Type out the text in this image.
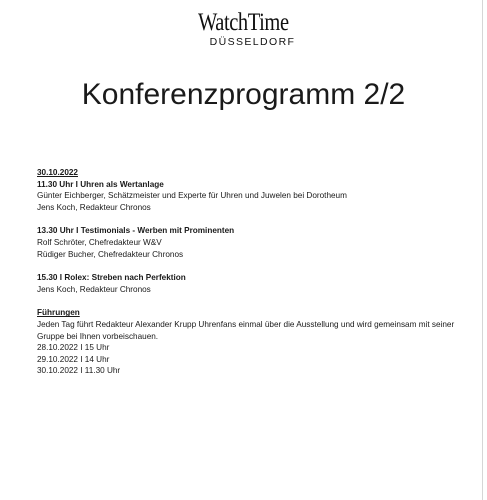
WatchTime
DÜSSELDORF
Konferenzprogramm 2/2
30.10.2022
11.30 Uhr I Uhren als Wertanlage
Günter Eichberger, Schätzmeister und Experte für Uhren und Juwelen bei Dorotheum
Jens Koch, Redakteur Chronos
13.30 Uhr I Testimonials - Werben mit Prominenten
Rolf Schröter, Chefredakteur W&V
Rüdiger Bucher, Chefredakteur Chronos
15.30 I Rolex: Streben nach Perfektion
Jens Koch, Redakteur Chronos
Führungen
Jeden Tag führt Redakteur Alexander Krupp Uhrenfans einmal über die Ausstellung und wird gemeinsam mit seiner Gruppe bei Ihnen vorbeischauen.
28.10.2022 I 15 Uhr
29.10.2022 I 14 Uhr
30.10.2022 I 11.30 Uhr
